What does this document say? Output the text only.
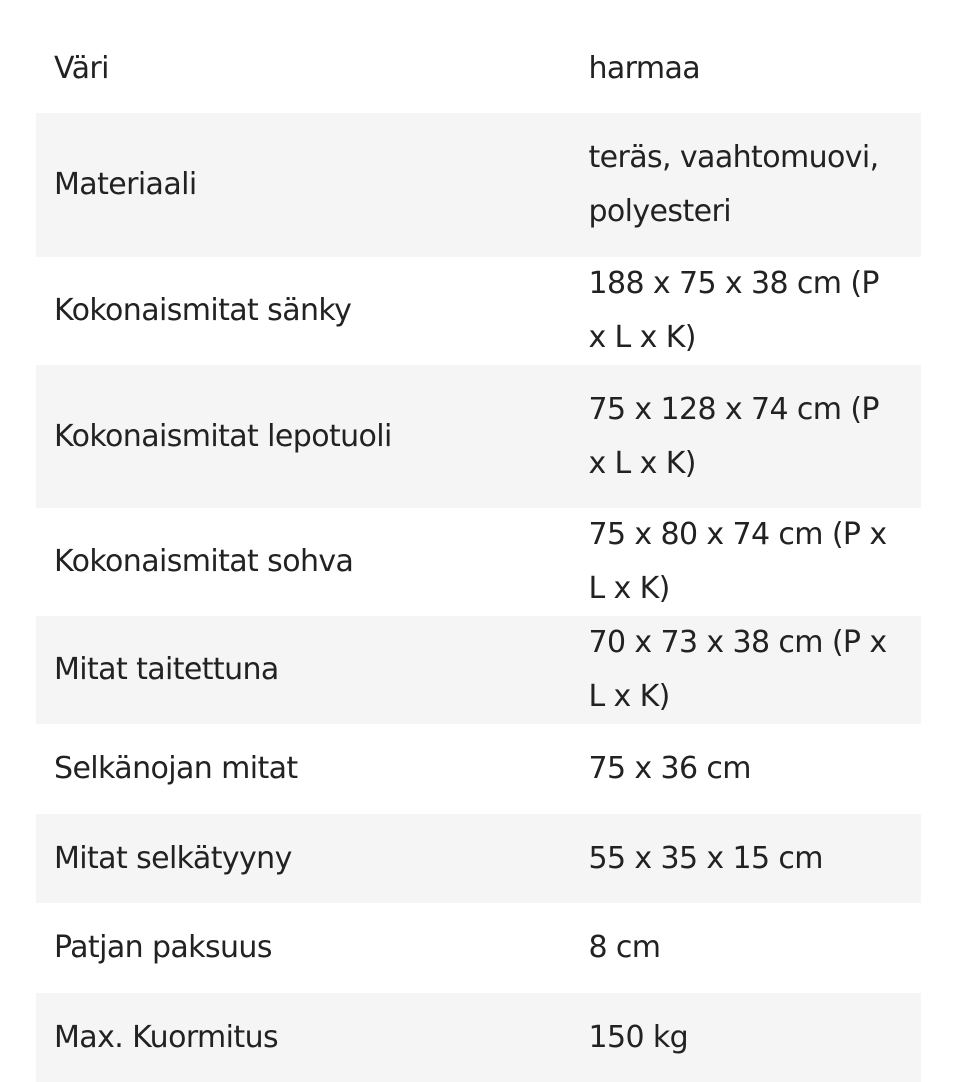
Väri	harmaa
Materiaali	teräs, vaahtomuovi, polyesteri
Kokonaismitat sänky	188 x 75 x 38 cm (P x L x K)
Kokonaismitat lepotuoli	75 x 128 x 74 cm (P x L x K)
Kokonaismitat sohva	75 x 80 x 74 cm (P x L x K)
Mitat taitettuna	70 x 73 x 38 cm (P x L x K)
Selkänojan mitat	75 x 36 cm
Mitat selkätyyny	55 x 35 x 15 cm
Patjan paksuus	8 cm
Max. Kuormitus	150 kg
